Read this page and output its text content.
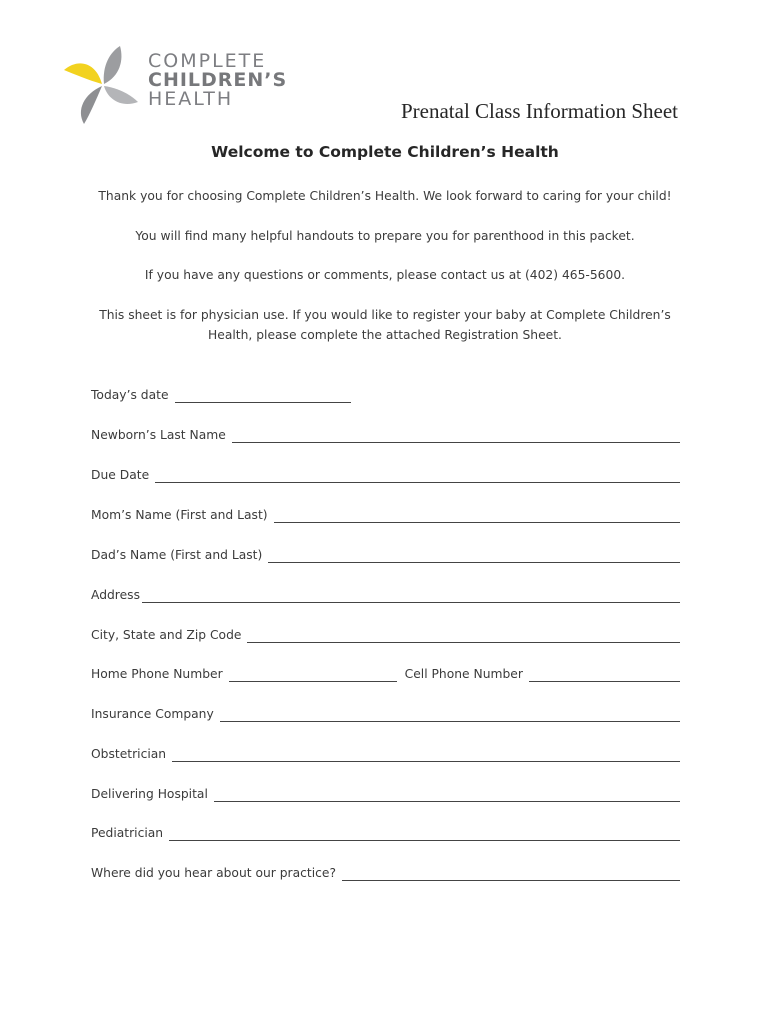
COMPLETE
CHILDREN’S
HEALTH	Prenatal Class Information Sheet
Welcome to Complete Children’s Health
Thank you for choosing Complete Children’s Health. We look forward to caring for your child!
You will find many helpful handouts to prepare you for parenthood in this packet.
If you have any questions or comments, please contact us at (402) 465-5600.
This sheet is for physician use. If you would like to register your baby at Complete Children’s Health, please complete the attached Registration Sheet.
Today’s date
Newborn’s Last Name
Due Date
Mom’s Name (First and Last)
Dad’s Name (First and Last)
Address
City, State and Zip Code
Home Phone Number	Cell Phone Number
Insurance Company
Obstetrician
Delivering Hospital
Pediatrician
Where did you hear about our practice?
